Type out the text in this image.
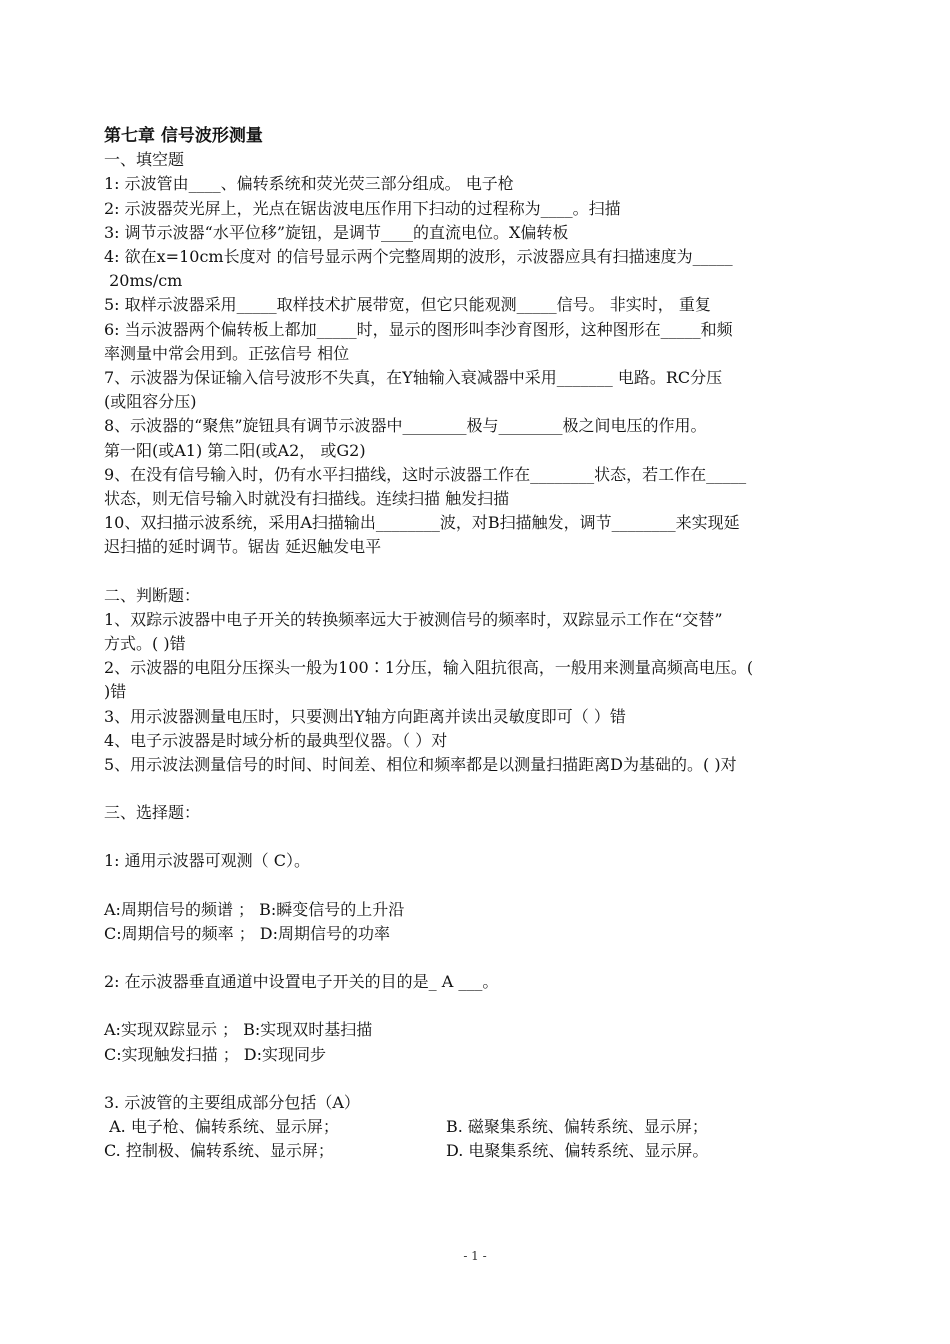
第七章 信号波形测量
一、填空题
1: 示波管由____、偏转系统和荧光荧三部分组成。 电子枪
2: 示波器荧光屏上，光点在锯齿波电压作用下扫动的过程称为____。扫描
3: 调节示波器“水平位移”旋钮，是调节____的直流电位。X偏转板
4: 欲在x=10cm长度对 的信号显示两个完整周期的波形，示波器应具有扫描速度为_____
20ms/cm
5: 取样示波器采用_____取样技术扩展带宽，但它只能观测_____信号。 非实时， 重复
6: 当示波器两个偏转板上都加_____时，显示的图形叫李沙育图形，这种图形在_____和频
率测量中常会用到。正弦信号 相位
7、示波器为保证输入信号波形不失真，在Y轴输入衰减器中采用_______ 电路。RC分压
(或阻容分压)
8、示波器的“聚焦”旋钮具有调节示波器中________极与________极之间电压的作用。
第一阳(或A1) 第二阳(或A2， 或G2)
9、在没有信号输入时，仍有水平扫描线，这时示波器工作在________状态，若工作在_____
状态，则无信号输入时就没有扫描线。连续扫描 触发扫描
10、双扫描示波系统，采用A扫描输出________波，对B扫描触发，调节________来实现延
迟扫描的延时调节。锯齿 延迟触发电平
二、判断题：
1、双踪示波器中电子开关的转换频率远大于被测信号的频率时，双踪显示工作在“交替”
方式。( )错
2、示波器的电阻分压探头一般为100∶1分压，输入阻抗很高，一般用来测量高频高电压。(
)错
3、用示波器测量电压时，只要测出Y轴方向距离并读出灵敏度即可（ ）错
4、电子示波器是时域分析的最典型仪器。（ ）对
5、用示波法测量信号的时间、时间差、相位和频率都是以测量扫描距离D为基础的。( )对
三、选择题：
1: 通用示波器可观测（ C）。
A:周期信号的频谱 ； B:瞬变信号的上升沿
C:周期信号的频率 ； D:周期信号的功率
2: 在示波器垂直通道中设置电子开关的目的是_ A ___。
A:实现双踪显示 ； B:实现双时基扫描
C:实现触发扫描 ； D:实现同步
3. 示波管的主要组成部分包括（A）
A. 电子枪、偏转系统、显示屏；	B. 磁聚集系统、偏转系统、显示屏；
C. 控制极、偏转系统、显示屏；	D. 电聚集系统、偏转系统、显示屏。
- 1 -
